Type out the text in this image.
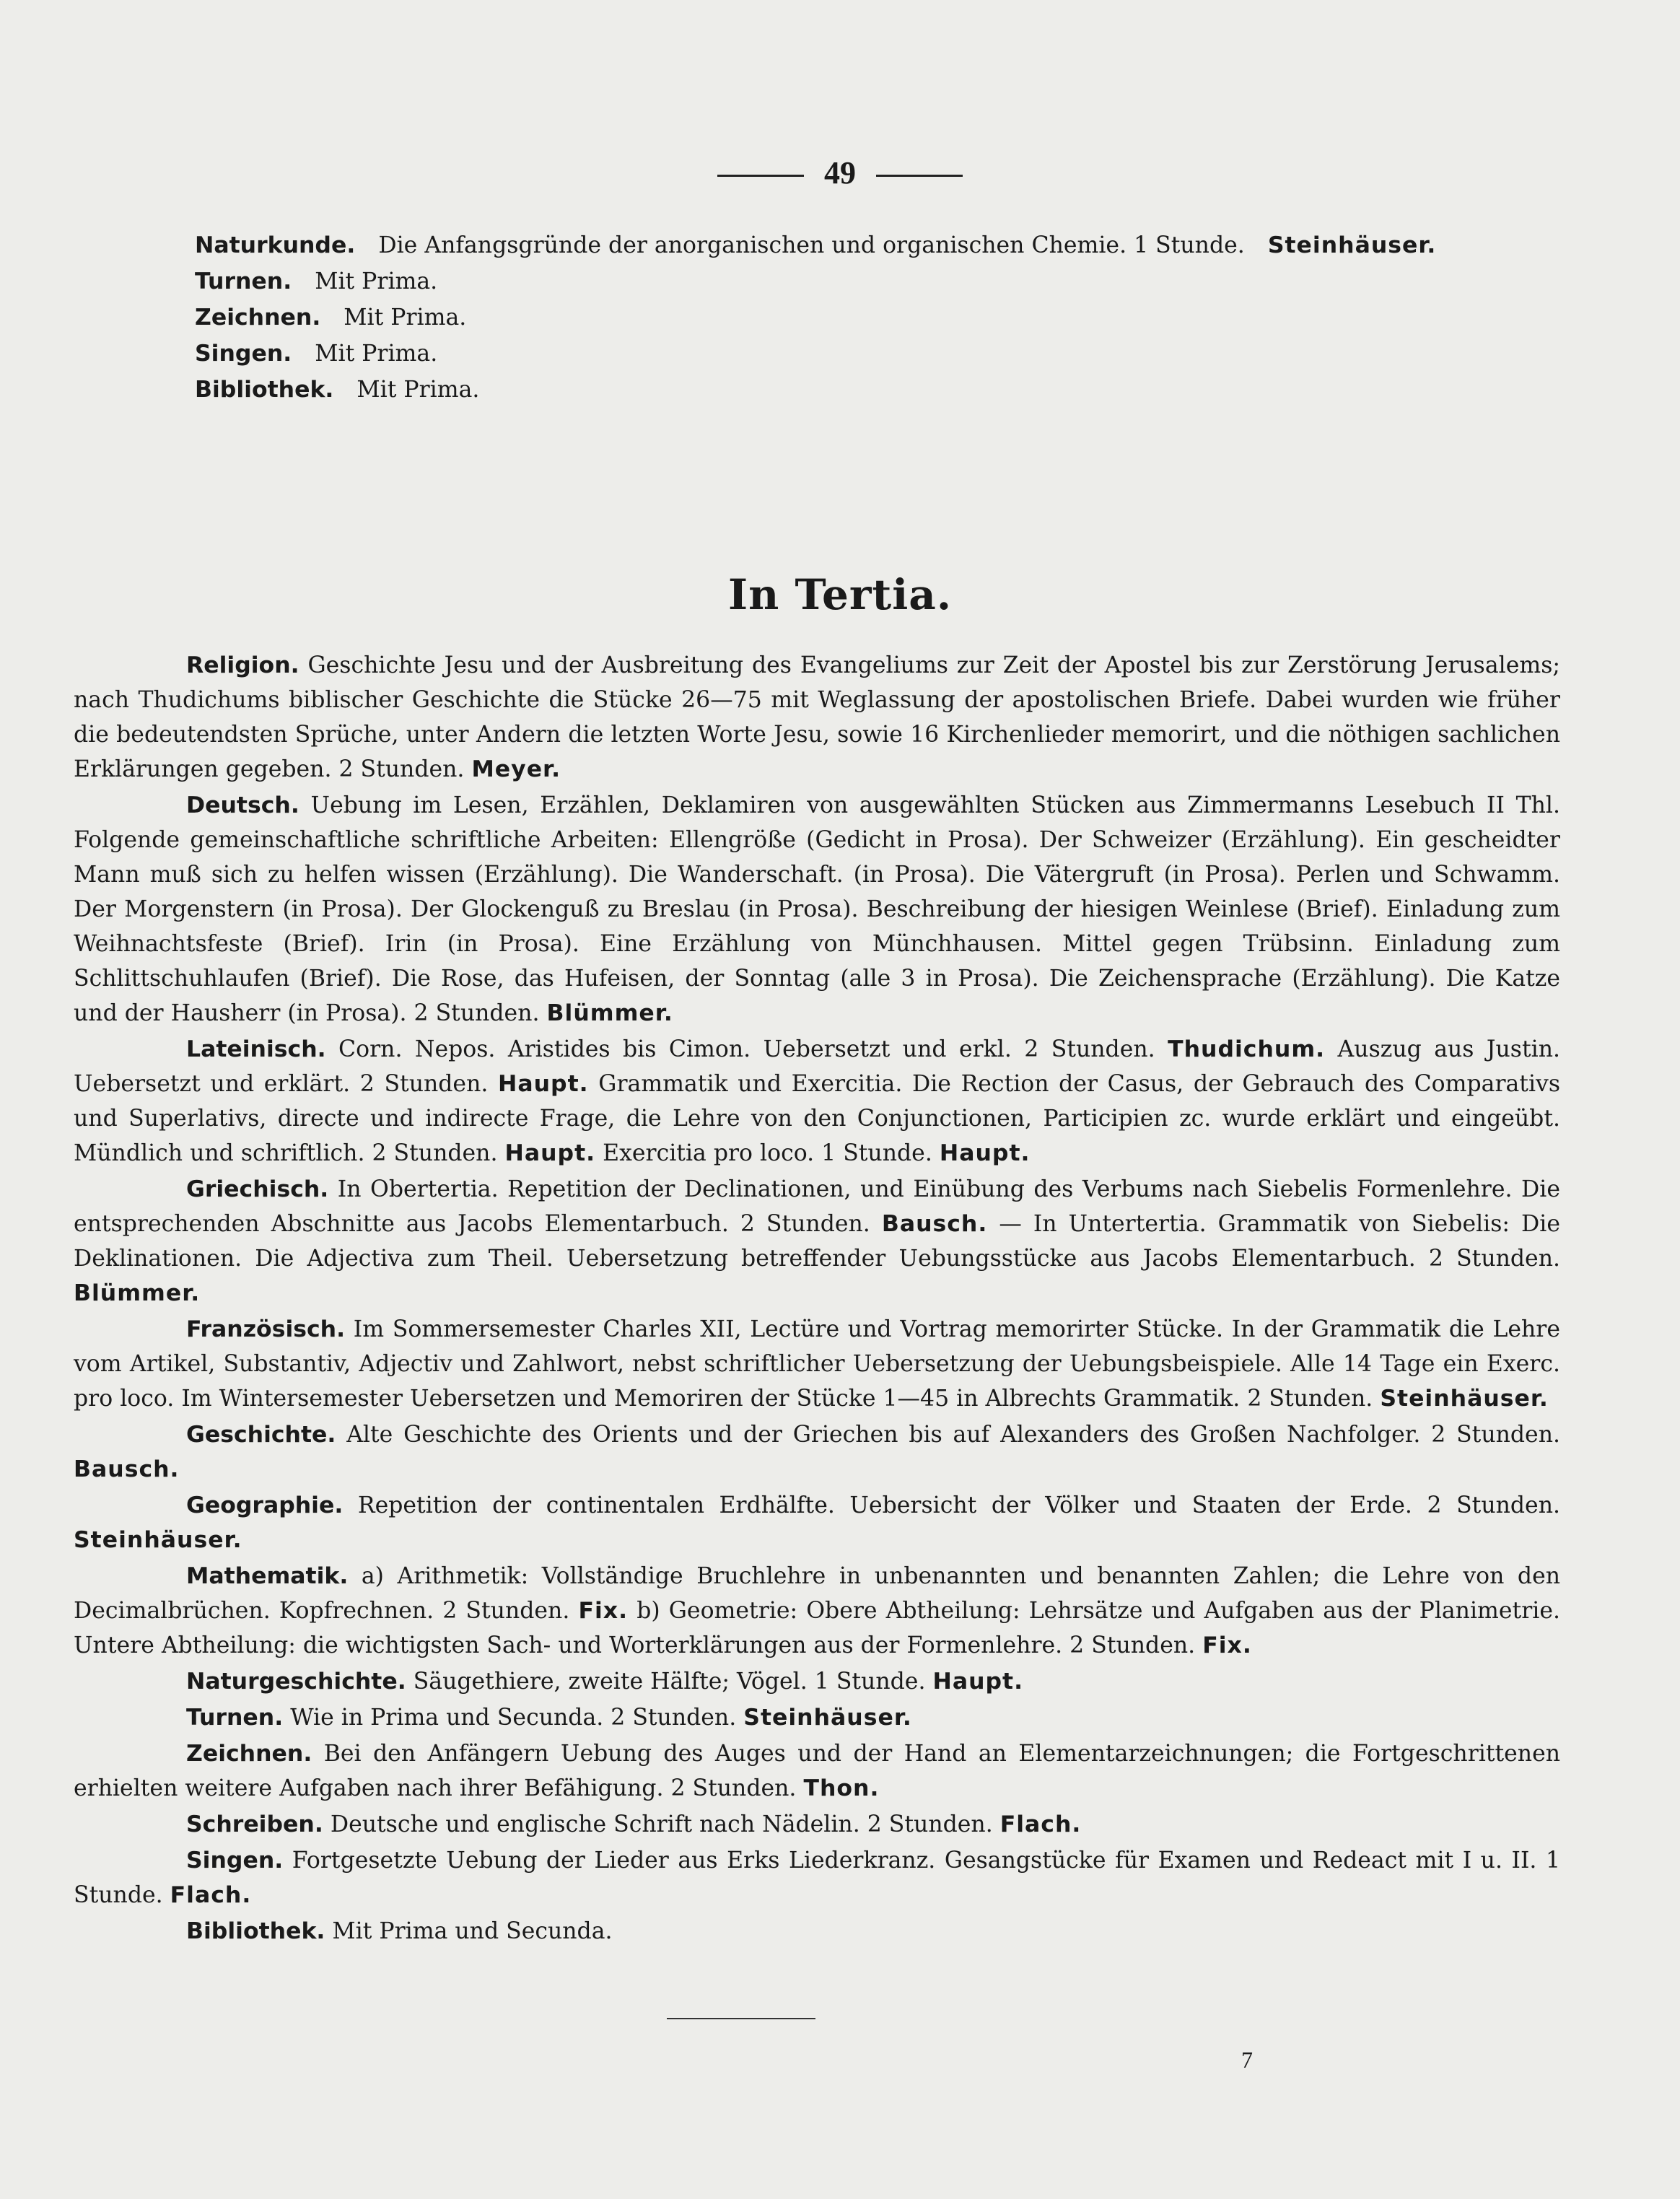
49
Naturkunde. Die Anfangsgründe der anorganischen und organischen Chemie. 1 Stunde. Steinhäuser.
Turnen. Mit Prima.
Zeichnen. Mit Prima.
Singen. Mit Prima.
Bibliothek. Mit Prima.
In Tertia.

Religion. Geschichte Jesu und der Ausbreitung des Evangeliums zur Zeit der Apostel bis zur Zerstörung Jerusalems; nach Thudichums biblischer Geschichte die Stücke 26—75 mit Weglassung der apostolischen Briefe. Dabei wurden wie früher die bedeutendsten Sprüche, unter Andern die letzten Worte Jesu, sowie 16 Kirchenlieder memorirt, und die nöthigen sachlichen Erklärungen gegeben. 2 Stunden. Meyer.

Deutsch. Uebung im Lesen, Erzählen, Deklamiren von ausgewählten Stücken aus Zimmermanns Lesebuch II Thl. Folgende gemeinschaftliche schriftliche Arbeiten: Ellengröße (Gedicht in Prosa). Der Schweizer (Erzählung). Ein gescheidter Mann muß sich zu helfen wissen (Erzählung). Die Wanderschaft. (in Prosa). Die Vätergruft (in Prosa). Perlen und Schwamm. Der Morgenstern (in Prosa). Der Glockenguß zu Breslau (in Prosa). Beschreibung der hiesigen Weinlese (Brief). Einladung zum Weihnachtsfeste (Brief). Irin (in Prosa). Eine Erzählung von Münchhausen. Mittel gegen Trübsinn. Einladung zum Schlittschuhlaufen (Brief). Die Rose, das Hufeisen, der Sonntag (alle 3 in Prosa). Die Zeichensprache (Erzählung). Die Katze und der Hausherr (in Prosa). 2 Stunden. Blümmer.

Lateinisch. Corn. Nepos. Aristides bis Cimon. Uebersetzt und erkl. 2 Stunden. Thudichum. Auszug aus Justin. Uebersetzt und erklärt. 2 Stunden. Haupt. Grammatik und Exercitia. Die Rection der Casus, der Gebrauch des Comparativs und Superlativs, directe und indirecte Frage, die Lehre von den Conjunctionen, Participien zc. wurde erklärt und eingeübt. Mündlich und schriftlich. 2 Stunden. Haupt. Exercitia pro loco. 1 Stunde. Haupt.

Griechisch. In Obertertia. Repetition der Declinationen, und Einübung des Verbums nach Siebelis Formenlehre. Die entsprechenden Abschnitte aus Jacobs Elementarbuch. 2 Stunden. Bausch. — In Untertertia. Grammatik von Siebelis: Die Deklinationen. Die Adjectiva zum Theil. Uebersetzung betreffender Uebungsstücke aus Jacobs Elementarbuch. 2 Stunden. Blümmer.

Französisch. Im Sommersemester Charles XII, Lectüre und Vortrag memorirter Stücke. In der Grammatik die Lehre vom Artikel, Substantiv, Adjectiv und Zahlwort, nebst schriftlicher Uebersetzung der Uebungsbeispiele. Alle 14 Tage ein Exerc. pro loco. Im Wintersemester Uebersetzen und Memoriren der Stücke 1—45 in Albrechts Grammatik. 2 Stunden. Steinhäuser.

Geschichte. Alte Geschichte des Orients und der Griechen bis auf Alexanders des Großen Nachfolger. 2 Stunden. Bausch.

Geographie. Repetition der continentalen Erdhälfte. Uebersicht der Völker und Staaten der Erde. 2 Stunden. Steinhäuser.

Mathematik. a) Arithmetik: Vollständige Bruchlehre in unbenannten und benannten Zahlen; die Lehre von den Decimalbrüchen. Kopfrechnen. 2 Stunden. Fix. b) Geometrie: Obere Abtheilung: Lehrsätze und Aufgaben aus der Planimetrie. Untere Abtheilung: die wichtigsten Sach- und Worterklärungen aus der Formenlehre. 2 Stunden. Fix.

Naturgeschichte. Säugethiere, zweite Hälfte; Vögel. 1 Stunde. Haupt.

Turnen. Wie in Prima und Secunda. 2 Stunden. Steinhäuser.

Zeichnen. Bei den Anfängern Uebung des Auges und der Hand an Elementarzeichnungen; die Fortgeschrittenen erhielten weitere Aufgaben nach ihrer Befähigung. 2 Stunden. Thon.

Schreiben. Deutsche und englische Schrift nach Nädelin. 2 Stunden. Flach.

Singen. Fortgesetzte Uebung der Lieder aus Erks Liederkranz. Gesangstücke für Examen und Redeact mit I u. II. 1 Stunde. Flach.

Bibliothek. Mit Prima und Secunda.

7
